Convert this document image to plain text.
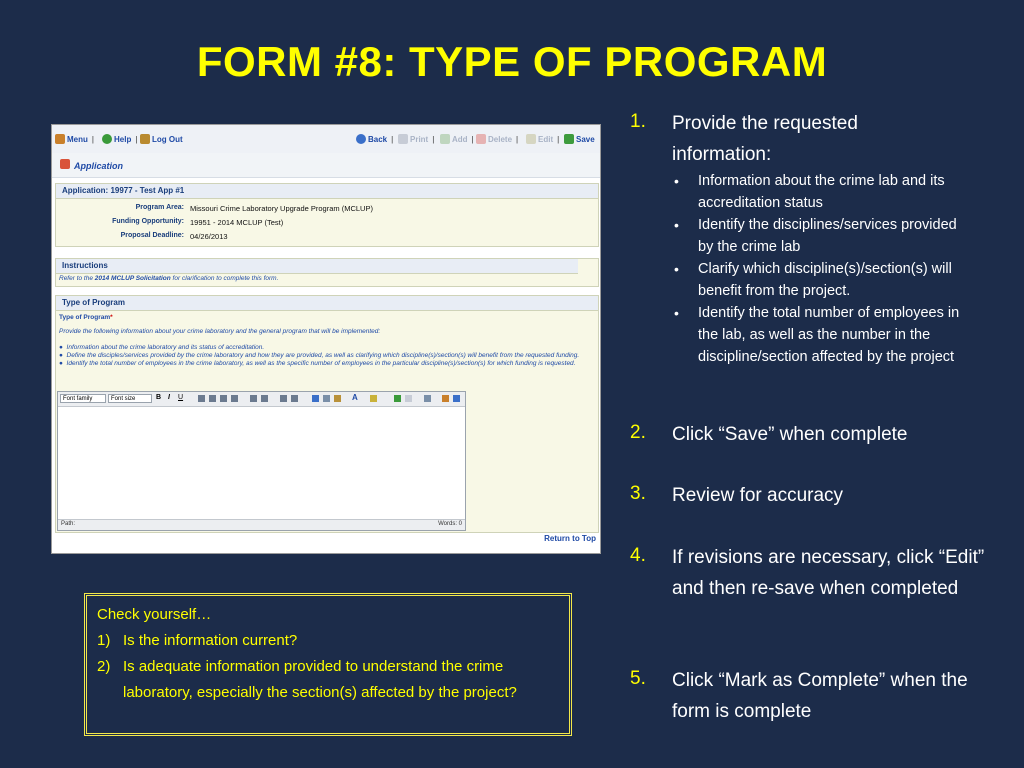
FORM #8: TYPE OF PROGRAM
Menu |	Help | Log Out	Back | Print | Add | Delete | Edit | Save
Application
Application: 19977 - Test App #1
Program Area: Missouri Crime Laboratory Upgrade Program (MCLUP)
Funding Opportunity: 19951 - 2014 MCLUP (Test)
Proposal Deadline: 04/26/2013
Instructions
Refer to the 2014 MCLUP Solicitation for clarification to complete this form.
Type of Program
Type of Program*
Provide the following information about your crime laboratory and the general program that will be implemented:
●  Information about the crime laboratory and its status of accreditation.
●  Define the disciples/services provided by the crime laboratory and how they are provided, as well as clarifying which discipline(s)/section(s) will benefit from the requested funding.
●  Identify the total number of employees in the crime laboratory, as well as the specific number of employees in the particular discipline(s)/section(s) for which funding is requested.
Font family	Font size	B I	U	A
Path:	Words: 0
Return to Top
Check yourself…
1) Is the information current?
2) Is adequate information provided to understand the crime laboratory, especially the section(s) affected by the project?
1. Provide the requested information:
• Information about the crime lab and its accreditation status
• Identify the disciplines/services provided by the crime lab
• Clarify which discipline(s)/section(s) will benefit from the project.
• Identify the total number of employees in the lab, as well as the number in the discipline/section affected by the project
2. Click “Save” when complete
3. Review for accuracy
4. If revisions are necessary, click “Edit” and then re-save when completed
5. Click “Mark as Complete” when the form is complete
